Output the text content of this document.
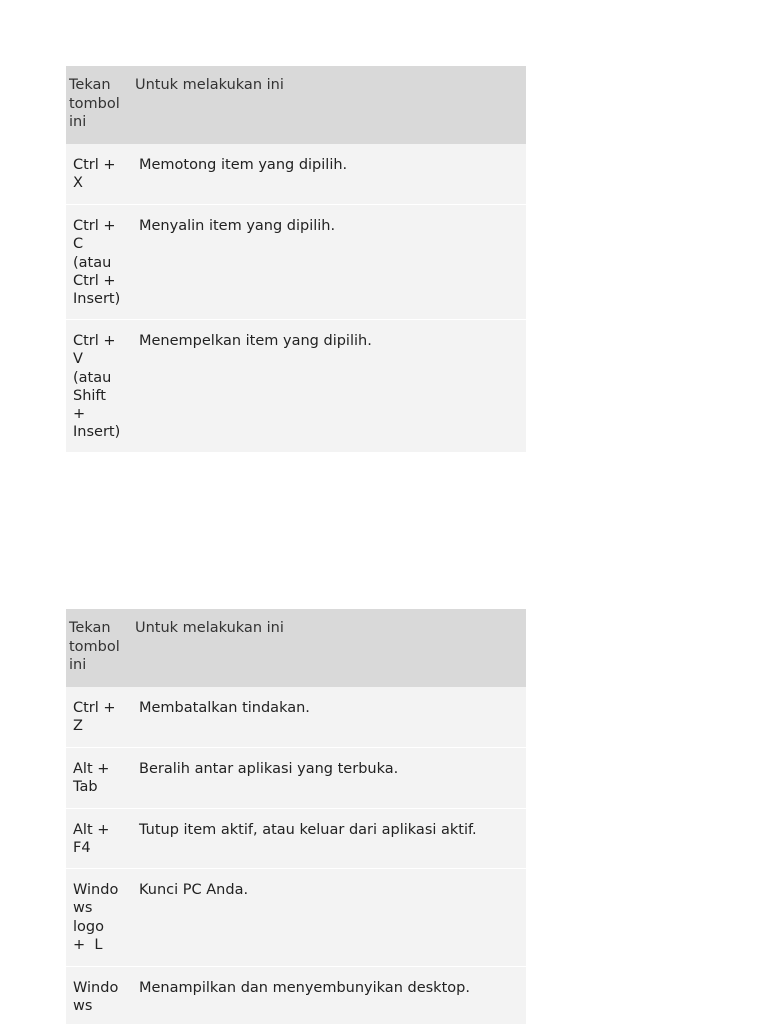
Tekan
tombol
ini
Untuk melakukan ini
Ctrl +
X
Memotong item yang dipilih.
Ctrl +
C
(atau
Ctrl +
Insert)
Menyalin item yang dipilih.
Ctrl +
V
(atau
Shift
+
Insert)
Menempelkan item yang dipilih.
Tekan
tombol
ini
Untuk melakukan ini
Ctrl +
Z
Membatalkan tindakan.
Alt +
Tab
Beralih antar aplikasi yang terbuka.
Alt +
F4
Tutup item aktif, atau keluar dari aplikasi aktif.
Windo
ws
logo
+  L
Kunci PC Anda.
Windo
ws
Menampilkan dan menyembunyikan desktop.
